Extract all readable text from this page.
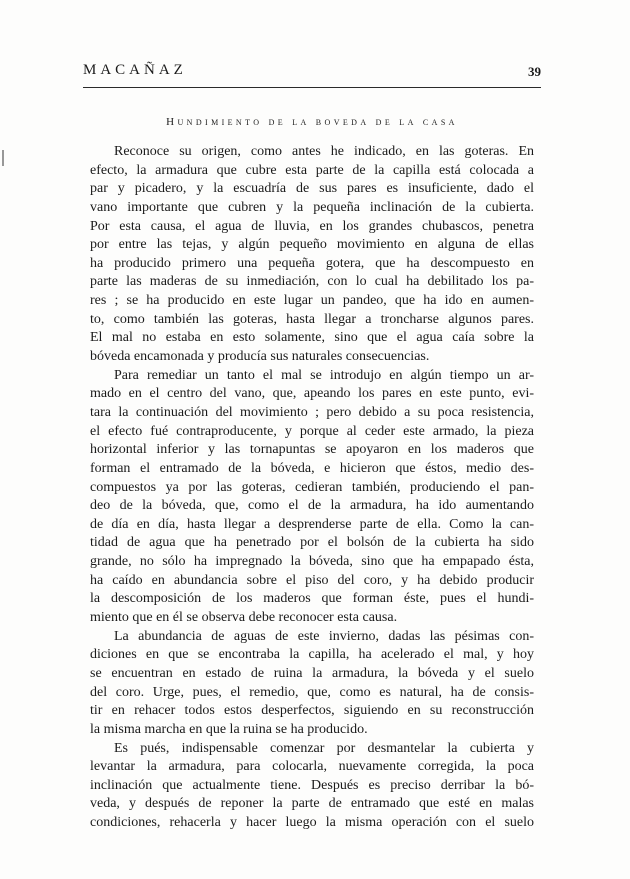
MACAÑAZ	39
Hundimiento de la boveda de la casa
Reconoce su origen, como antes he indicado, en las goteras. En
efecto, la armadura que cubre esta parte de la capilla está colocada a
par y picadero, y la escuadría de sus pares es insuficiente, dado el
vano importante que cubren y la pequeña inclinación de la cubierta.
Por esta causa, el agua de lluvia, en los grandes chubascos, penetra
por entre las tejas, y algún pequeño movimiento en alguna de ellas
ha producido primero una pequeña gotera, que ha descompuesto en
parte las maderas de su inmediación, con lo cual ha debilitado los pa-
res ; se ha producido en este lugar un pandeo, que ha ido en aumen-
to, como también las goteras, hasta llegar a troncharse algunos pares.
El mal no estaba en esto solamente, sino que el agua caía sobre la
bóveda encamonada y producía sus naturales consecuencias.
Para remediar un tanto el mal se introdujo en algún tiempo un ar-
mado en el centro del vano, que, apeando los pares en este punto, evi-
tara la continuación del movimiento ; pero debido a su poca resistencia,
el efecto fué contraproducente, y porque al ceder este armado, la pieza
horizontal inferior y las tornapuntas se apoyaron en los maderos que
forman el entramado de la bóveda, e hicieron que éstos, medio des-
compuestos ya por las goteras, cedieran también, produciendo el pan-
deo de la bóveda, que, como el de la armadura, ha ido aumentando
de día en día, hasta llegar a desprenderse parte de ella. Como la can-
tidad de agua que ha penetrado por el bolsón de la cubierta ha sido
grande, no sólo ha impregnado la bóveda, sino que ha empapado ésta,
ha caído en abundancia sobre el piso del coro, y ha debido producir
la descomposición de los maderos que forman éste, pues el hundi-
miento que en él se observa debe reconocer esta causa.
La abundancia de aguas de este invierno, dadas las pésimas con-
diciones en que se encontraba la capilla, ha acelerado el mal, y hoy
se encuentran en estado de ruina la armadura, la bóveda y el suelo
del coro. Urge, pues, el remedio, que, como es natural, ha de consis-
tir en rehacer todos estos desperfectos, siguiendo en su reconstrucción
la misma marcha en que la ruina se ha producido.
Es pués, indispensable comenzar por desmantelar la cubierta y
levantar la armadura, para colocarla, nuevamente corregida, la poca
inclinación que actualmente tiene. Después es preciso derribar la bó-
veda, y después de reponer la parte de entramado que esté en malas
condiciones, rehacerla y hacer luego la misma operación con el suelo
